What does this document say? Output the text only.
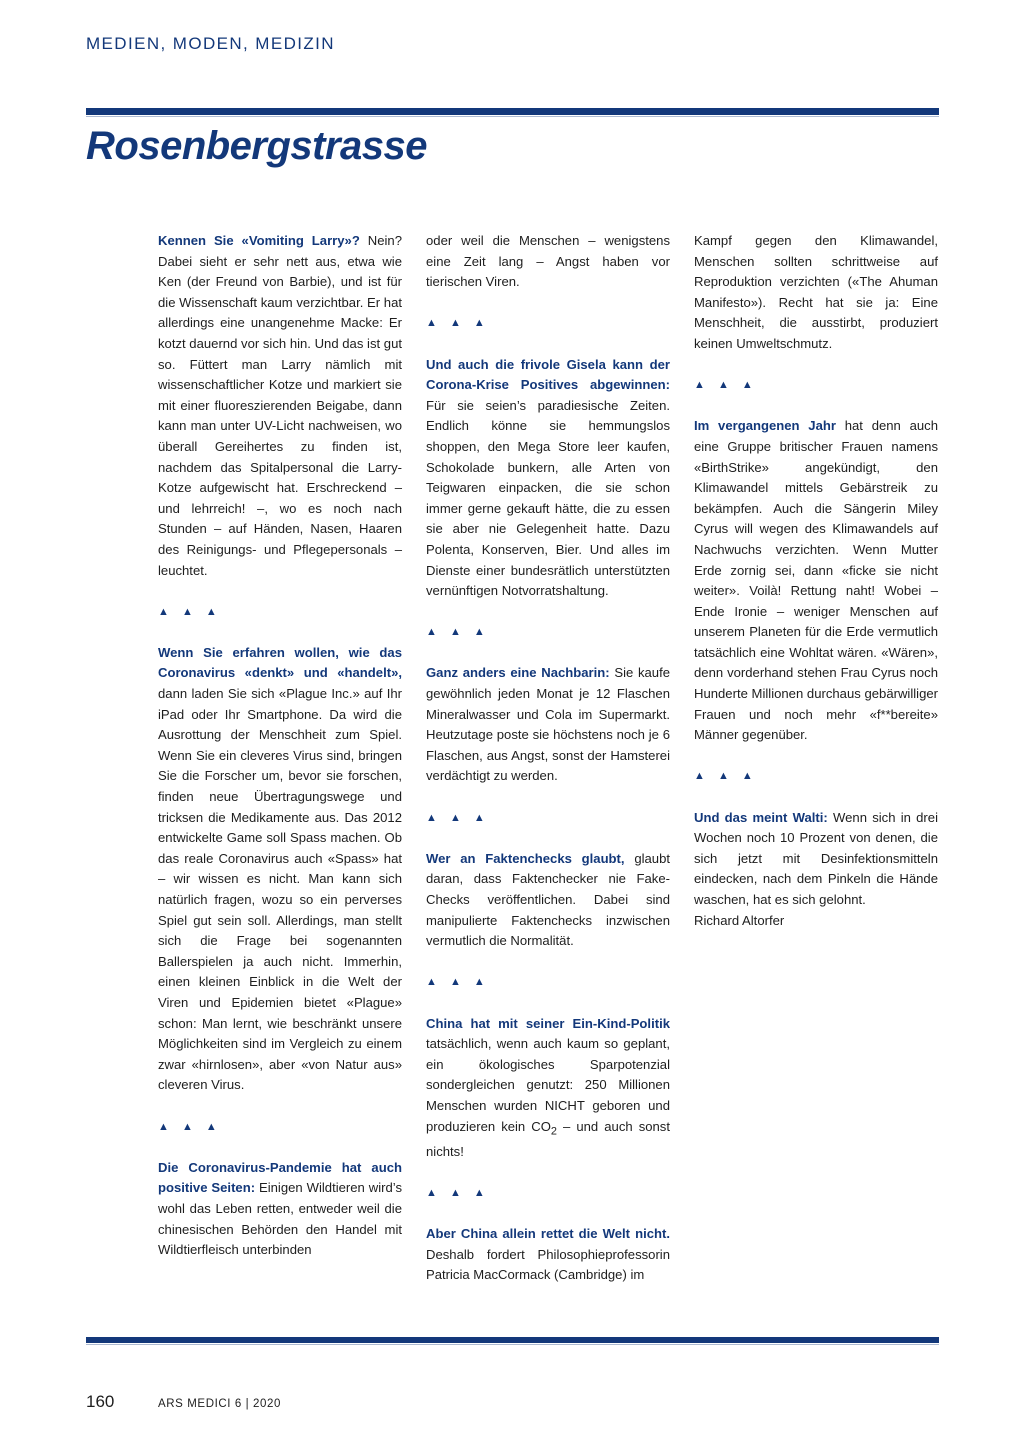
MEDIEN, MODEN, MEDIZIN
Rosenbergstrasse

Kennen Sie «Vomiting Larry»? Nein? Dabei sieht er sehr nett aus, etwa wie Ken (der Freund von Barbie), und ist für die Wissenschaft kaum verzichtbar. Er hat allerdings eine unangenehme Macke: Er kotzt dauernd vor sich hin. Und das ist gut so. Füttert man Larry nämlich mit wissenschaftlicher Kotze und markiert sie mit einer fluoreszierenden Beigabe, dann kann man unter UV-Licht nachweisen, wo überall Gereihertes zu finden ist, nachdem das Spitalpersonal die Larry-Kotze aufgewischt hat. Erschreckend – und lehrreich! –, wo es noch nach Stunden – auf Händen, Nasen, Haaren des Reinigungs- und Pflegepersonals – leuchtet.

▲ ▲ ▲

Wenn Sie erfahren wollen, wie das Coronavirus «denkt» und «handelt», dann laden Sie sich «Plague Inc.» auf Ihr iPad oder Ihr Smartphone. Da wird die Ausrottung der Menschheit zum Spiel. Wenn Sie ein cleveres Virus sind, bringen Sie die Forscher um, bevor sie forschen, finden neue Übertragungswege und tricksen die Medikamente aus. Das 2012 entwickelte Game soll Spass machen. Ob das reale Coronavirus auch «Spass» hat – wir wissen es nicht. Man kann sich natürlich fragen, wozu so ein perverses Spiel gut sein soll. Allerdings, man stellt sich die Frage bei sogenannten Ballerspielen ja auch nicht. Immerhin, einen kleinen Einblick in die Welt der Viren und Epidemien bietet «Plague» schon: Man lernt, wie beschränkt unsere Möglichkeiten sind im Vergleich zu einem zwar «hirnlosen», aber «von Natur aus» cleveren Virus.

▲ ▲ ▲

Die Coronavirus-Pandemie hat auch positive Seiten: Einigen Wildtieren wird’s wohl das Leben retten, entweder weil die chinesischen Behörden den Handel mit Wildtierfleisch unterbinden

oder weil die Menschen – wenigstens eine Zeit lang – Angst haben vor tierischen Viren.

▲ ▲ ▲

Und auch die frivole Gisela kann der Corona-Krise Positives abgewinnen: Für sie seien’s paradiesische Zeiten. Endlich könne sie hemmungslos shoppen, den Mega Store leer kaufen, Schokolade bunkern, alle Arten von Teigwaren einpacken, die sie schon immer gerne gekauft hätte, die zu essen sie aber nie Gelegenheit hatte. Dazu Polenta, Konserven, Bier. Und alles im Dienste einer bundesrätlich unterstützten vernünftigen Notvorratshaltung.

▲ ▲ ▲

Ganz anders eine Nachbarin: Sie kaufe gewöhnlich jeden Monat je 12 Flaschen Mineralwasser und Cola im Supermarkt. Heutzutage poste sie höchstens noch je 6 Flaschen, aus Angst, sonst der Hamsterei verdächtigt zu werden.

▲ ▲ ▲

Wer an Faktenchecks glaubt, glaubt daran, dass Faktenchecker nie Fake-Checks veröffentlichen. Dabei sind manipulierte Faktenchecks inzwischen vermutlich die Normalität.

▲ ▲ ▲

China hat mit seiner Ein-Kind-Politik tatsächlich, wenn auch kaum so geplant, ein ökologisches Sparpotenzial sondergleichen genutzt: 250 Millionen Menschen wurden NICHT geboren und produzieren kein $CO_2$ – und auch sonst nichts!

▲ ▲ ▲

Aber China allein rettet die Welt nicht. Deshalb fordert Philosophieprofessorin Patricia MacCormack (Cambridge) im

Kampf gegen den Klimawandel, Menschen sollten schrittweise auf Reproduktion verzichten («The Ahuman Manifesto»). Recht hat sie ja: Eine Menschheit, die ausstirbt, produziert keinen Umweltschmutz.

▲ ▲ ▲

Im vergangenen Jahr hat denn auch eine Gruppe britischer Frauen namens «BirthStrike» angekündigt, den Klimawandel mittels Gebärstreik zu bekämpfen. Auch die Sängerin Miley Cyrus will wegen des Klimawandels auf Nachwuchs verzichten. Wenn Mutter Erde zornig sei, dann «ficke sie nicht weiter». Voilà! Rettung naht! Wobei – Ende Ironie – weniger Menschen auf unserem Planeten für die Erde vermutlich tatsächlich eine Wohltat wären. «Wären», denn vorderhand stehen Frau Cyrus noch Hunderte Millionen durchaus gebärwilliger Frauen und noch mehr «f**bereite» Männer gegenüber.

▲ ▲ ▲

Und das meint Walti: Wenn sich in drei Wochen noch 10 Prozent von denen, die sich jetzt mit Desinfektionsmitteln eindecken, nach dem Pinkeln die Hände waschen, hat es sich gelohnt.

Richard Altorfer

160	ARS MEDICI 6 | 2020
